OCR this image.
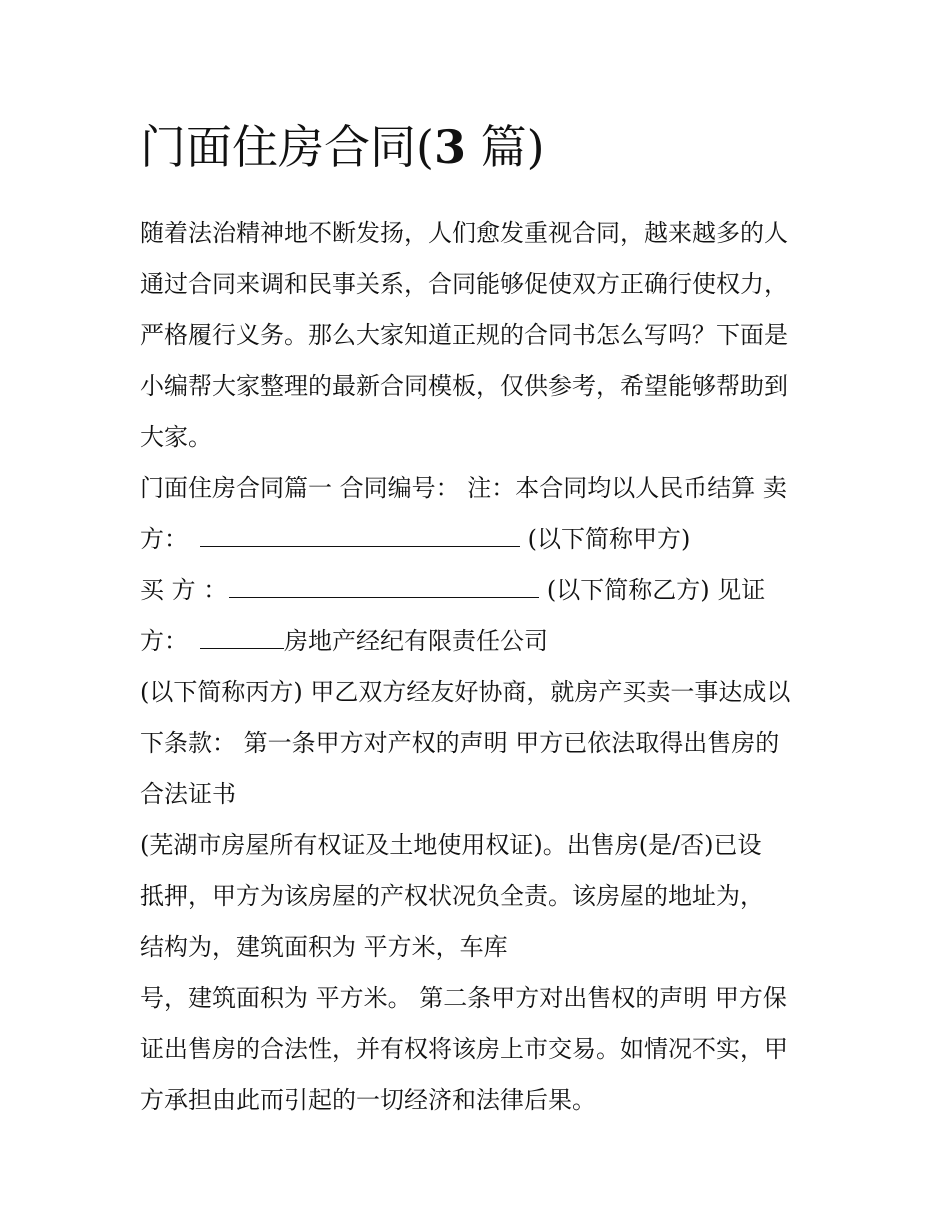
门面住房合同(3 篇)
随着法治精神地不断发扬，人们愈发重视合同，越来越多的人
通过合同来调和民事关系，合同能够促使双方正确行使权力，
严格履行义务。那么大家知道正规的合同书怎么写吗？下面是
小编帮大家整理的最新合同模板，仅供参考，希望能够帮助到
大家。
门面住房合同篇一 合同编号： 注：本合同均以人民币结算 卖
方：	(以下简称甲方)
买 方 ：	(以下简称乙方) 见证
方：	房地产经纪有限责任公司
(以下简称丙方) 甲乙双方经友好协商，就房产买卖一事达成以
下条款： 第一条甲方对产权的声明 甲方已依法取得出售房的
合法证书
(芜湖市房屋所有权证及土地使用权证)。出售房(是/否)已设
抵押，甲方为该房屋的产权状况负全责。该房屋的地址为，
结构为，建筑面积为 平方米，车库
号，建筑面积为 平方米。 第二条甲方对出售权的声明 甲方保
证出售房的合法性，并有权将该房上市交易。如情况不实，甲
方承担由此而引起的一切经济和法律后果。
